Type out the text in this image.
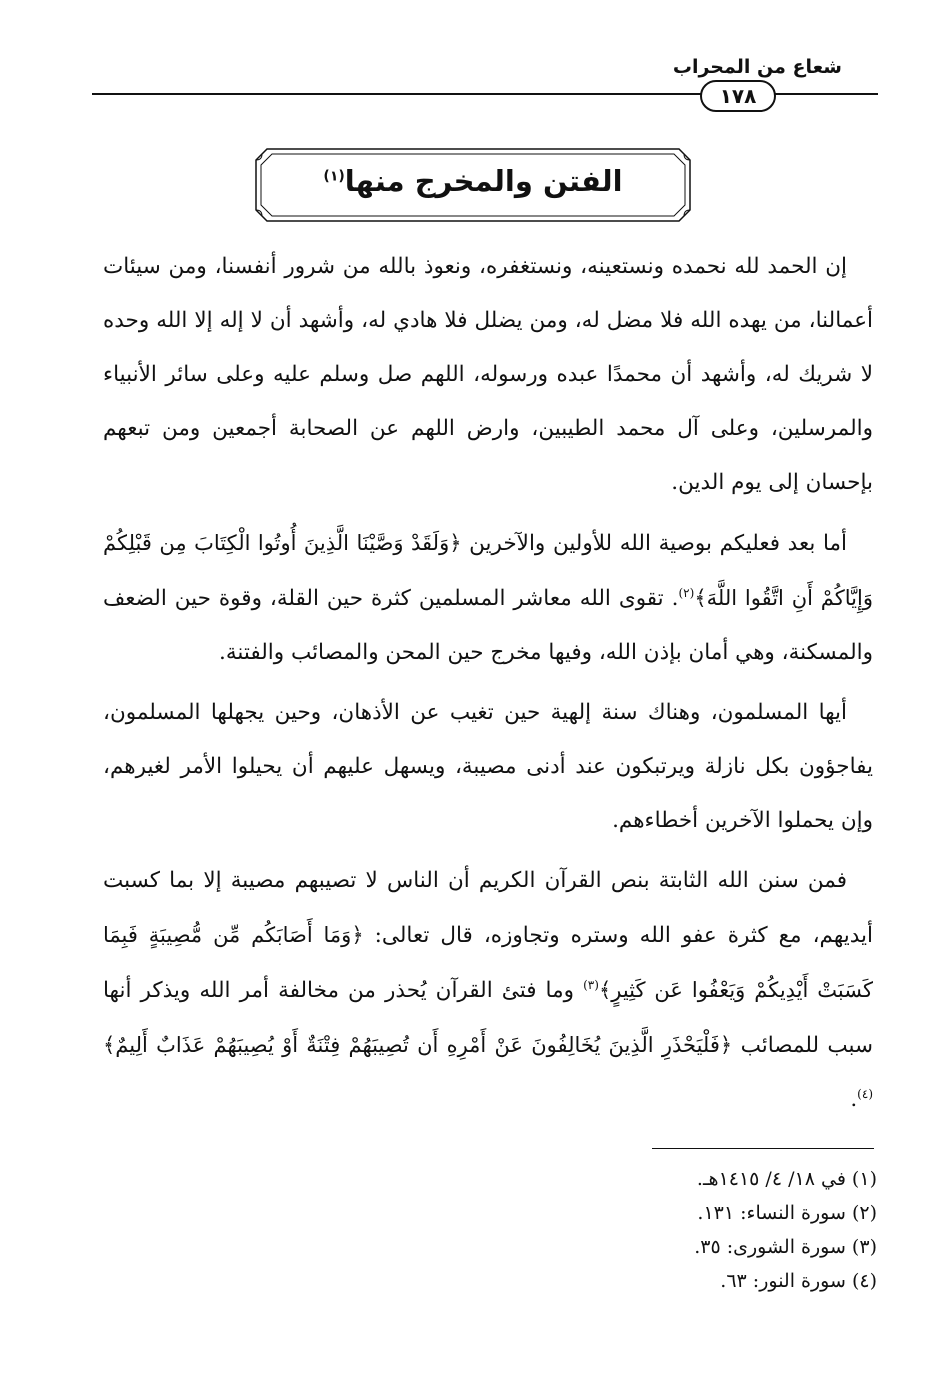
شعاع من المحراب
١٧٨
الفتن والمخرج منها$^{(١)}$

إن الحمد لله نحمده ونستعينه، ونستغفره، ونعوذ بالله من شرور أنفسنا، ومن سيئات أعمالنا، من يهده الله فلا مضل له، ومن يضلل فلا هادي له، وأشهد أن لا إله إلا الله وحده لا شريك له، وأشهد أن محمدًا عبده ورسوله، اللهم صل وسلم عليه وعلى سائر الأنبياء والمرسلين، وعلى آل محمد الطيبين، وارض اللهم عن الصحابة أجمعين ومن تبعهم بإحسان إلى يوم الدين.

أما بعد فعليكم بوصية الله للأولين والآخرين ﴿وَلَقَدْ وَصَّيْنَا الَّذِينَ أُوتُوا الْكِتَابَ مِن قَبْلِكُمْ وَإِيَّاكُمْ أَنِ اتَّقُوا اللَّهَ﴾$^{(٢)}$. تقوى الله معاشر المسلمين كثرة حين القلة، وقوة حين الضعف والمسكنة، وهي أمان بإذن الله، وفيها مخرج حين المحن والمصائب والفتنة.

أيها المسلمون، وهناك سنة إلهية حين تغيب عن الأذهان، وحين يجهلها المسلمون، يفاجؤون بكل نازلة ويرتبكون عند أدنى مصيبة، ويسهل عليهم أن يحيلوا الأمر لغيرهم، وإن يحملوا الآخرين أخطاءهم.

فمن سنن الله الثابتة بنص القرآن الكريم أن الناس لا تصيبهم مصيبة إلا بما كسبت أيديهم، مع كثرة عفو الله وستره وتجاوزه، قال تعالى: ﴿وَمَا أَصَابَكُم مِّن مُّصِيبَةٍ فَبِمَا كَسَبَتْ أَيْدِيكُمْ وَيَعْفُوا عَن كَثِيرٍ﴾$^{(٣)}$ وما فتئ القرآن يُحذر من مخالفة أمر الله ويذكر أنها سبب للمصائب ﴿فَلْيَحْذَرِ الَّذِينَ يُخَالِفُونَ عَنْ أَمْرِهِ أَن تُصِيبَهُمْ فِتْنَةٌ أَوْ يُصِيبَهُمْ عَذَابٌ أَلِيمٌ﴾$^{(٤)}$.

(١) في ١٨/ ٤/ ١٤١٥هـ.
(٢) سورة النساء: ١٣١.
(٣) سورة الشورى: ٣٥.
(٤) سورة النور: ٦٣.
